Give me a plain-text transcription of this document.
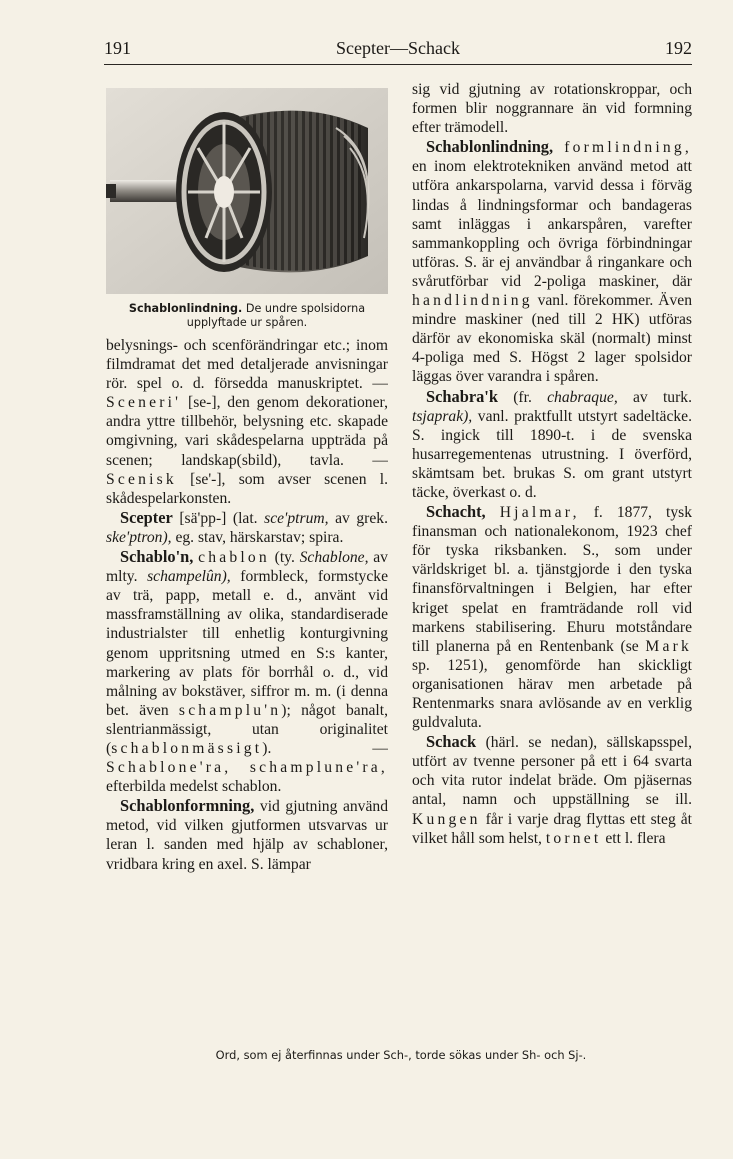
191	Scepter—Schack	192
Schablonlindning. De undre spolsidorna upplyftade ur spåren.

belysnings- och scenförändringar etc.; inom filmdramat det med detaljerade anvisningar rör. spel o. d. försedda manuskriptet. — Sceneri' [se-], den genom dekorationer, andra yttre tillbehör, belysning etc. skapade omgivning, vari skådespelarna uppträda på scenen; landskap(sbild), tavla. — Scenisk [se'-], som avser scenen l. skådespelarkonsten.

Scepter [sä'pp-] (lat. sce'ptrum, av grek. ske'ptron), eg. stav, härskarstav; spira.

Schablo'n, chablon (ty. Schablone, av mlty. schampelûn), formbleck, formstycke av trä, papp, metall e. d., använt vid massframställning av olika, standardiserade industrialster till enhetlig konturgivning genom uppritsning utmed en S:s kanter, markering av plats för borrhål o. d., vid målning av bokstäver, siffror m. m. (i denna bet. även schamplu'n); något banalt, slentrianmässigt, utan originalitet (schablonmässigt). — Schablone'ra, schamplune'ra, efterbilda medelst schablon.

Schablonformning, vid gjutning använd metod, vid vilken gjutformen utsvarvas ur leran l. sanden med hjälp av schabloner, vridbara kring en axel. S. lämpar

sig vid gjutning av rotationskroppar, och formen blir noggrannare än vid formning efter trämodell.

Schablonlindning, formlindning, en inom elektrotekniken använd metod att utföra ankarspolarna, varvid dessa i förväg lindas å lindningsformar och bandageras samt inläggas i ankarspåren, varefter sammankoppling och övriga förbindningar utföras. S. är ej användbar å ringankare och svårutförbar vid 2-poliga maskiner, där handlindning vanl. förekommer. Även mindre maskiner (ned till 2 HK) utföras därför av ekonomiska skäl (normalt) minst 4-poliga med S. Högst 2 lager spolsidor läggas över varandra i spåren.

Schabra'k (fr. chabraque, av turk. tsjaprak), vanl. praktfullt utstyrt sadeltäcke. S. ingick till 1890-t. i de svenska husarregementenas utrustning. I överförd, skämtsam bet. brukas S. om grant utstyrt täcke, överkast o. d.

Schacht, Hjalmar, f. 1877, tysk finansman och nationalekonom, 1923 chef för tyska riksbanken. S., som under världskriget bl. a. tjänstgjorde i den tyska finansförvaltningen i Belgien, har efter kriget spelat en framträdande roll vid markens stabilisering. Ehuru motståndare till planerna på en Rentenbank (se Mark sp. 1251), genomförde han skickligt organisationen härav men arbetade på Rentenmarks snara avlösande av en verklig guldvaluta.

Schack (härl. se nedan), sällskapsspel, utfört av tvenne personer på ett i 64 svarta och vita rutor indelat bräde. Om pjäsernas antal, namn och uppställning se ill. Kungen får i varje drag flyttas ett steg åt vilket håll som helst, tornet ett l. flera

Ord, som ej återfinnas under Sch-, torde sökas under Sh- och Sj-.
